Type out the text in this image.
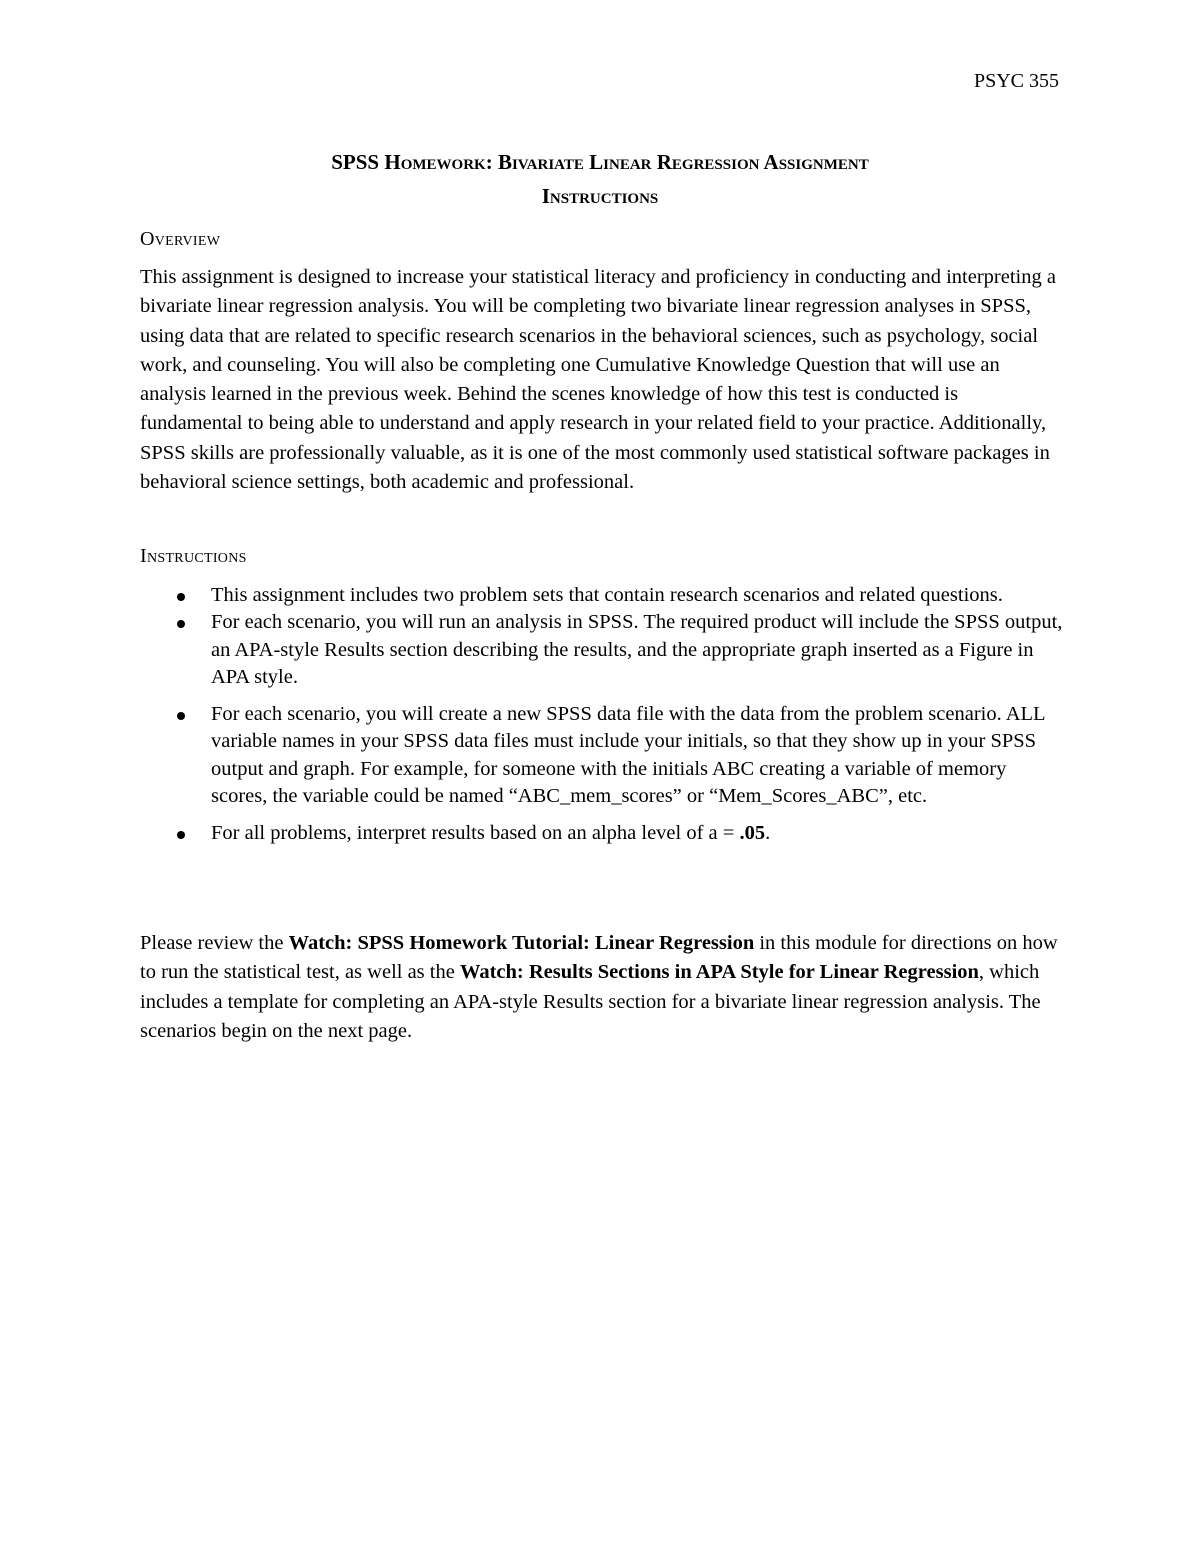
PSYC 355
SPSS Homework: Bivariate Linear Regression Assignment
Instructions
Overview
This assignment is designed to increase your statistical literacy and proficiency in conducting and interpreting a bivariate linear regression analysis. You will be completing two bivariate linear regression analyses in SPSS, using data that are related to specific research scenarios in the behavioral sciences, such as psychology, social work, and counseling. You will also be completing one Cumulative Knowledge Question that will use an analysis learned in the previous week. Behind the scenes knowledge of how this test is conducted is fundamental to being able to understand and apply research in your related field to your practice. Additionally, SPSS skills are professionally valuable, as it is one of the most commonly used statistical software packages in behavioral science settings, both academic and professional.
Instructions
This assignment includes two problem sets that contain research scenarios and related questions.
For each scenario, you will run an analysis in SPSS. The required product will include the SPSS output, an APA-style Results section describing the results, and the appropriate graph inserted as a Figure in APA style.
For each scenario, you will create a new SPSS data file with the data from the problem scenario. ALL variable names in your SPSS data files must include your initials, so that they show up in your SPSS output and graph. For example, for someone with the initials ABC creating a variable of memory scores, the variable could be named “ABC_mem_scores” or “Mem_Scores_ABC”, etc.
For all problems, interpret results based on an alpha level of a = .05.
Please review the Watch: SPSS Homework Tutorial: Linear Regression in this module for directions on how to run the statistical test, as well as the Watch: Results Sections in APA Style for Linear Regression, which includes a template for completing an APA-style Results section for a bivariate linear regression analysis. The scenarios begin on the next page.
